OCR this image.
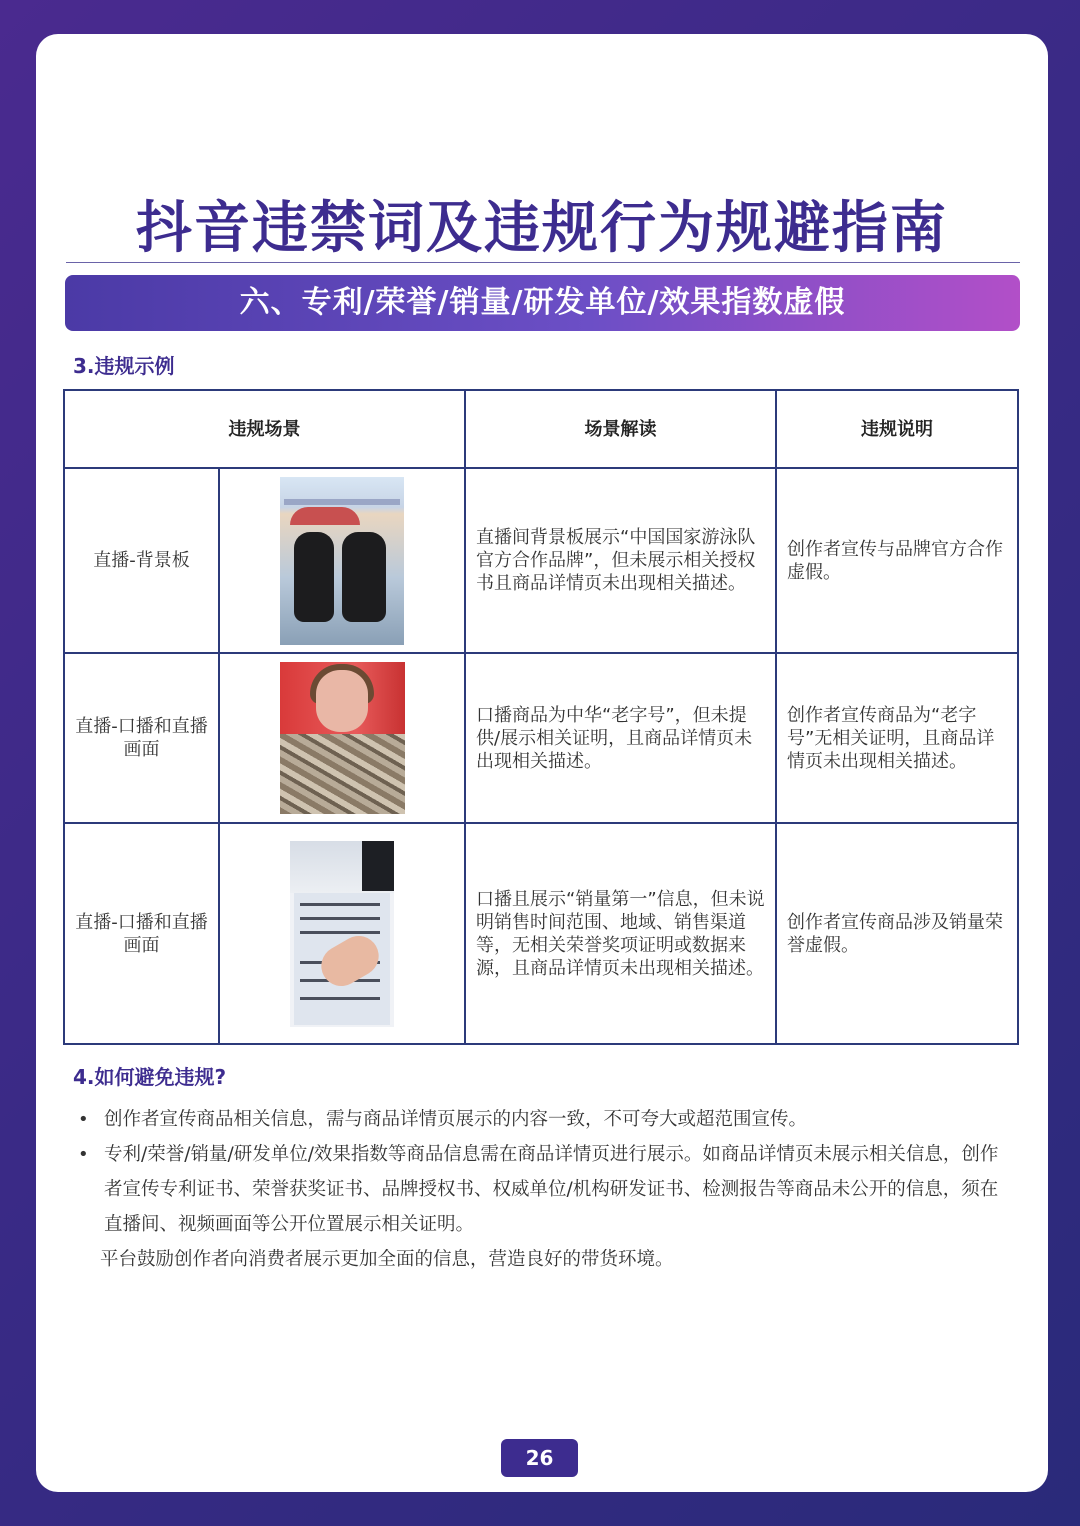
抖音违禁词及违规行为规避指南
六、专利/荣誉/销量/研发单位/效果指数虚假
3.违规示例
违规场景		场景解读	违规说明
直播-背景板		直播间背景板展示“中国国家游泳队官方合作品牌”，但未展示相关授权书且商品详情页未出现相关描述。	创作者宣传与品牌官方合作虚假。
直播-口播和直播画面		口播商品为中华“老字号”，但未提供/展示相关证明，且商品详情页未出现相关描述。	创作者宣传商品为“老字号”无相关证明，且商品详情页未出现相关描述。
直播-口播和直播画面		口播且展示“销量第一”信息，但未说明销售时间范围、地域、销售渠道等，无相关荣誉奖项证明或数据来源，且商品详情页未出现相关描述。	创作者宣传商品涉及销量荣誉虚假。
4.如何避免违规?
• 创作者宣传商品相关信息，需与商品详情页展示的内容一致，不可夸大或超范围宣传。
• 专利/荣誉/销量/研发单位/效果指数等商品信息需在商品详情页进行展示。如商品详情页未展示相关信息，创作者宣传专利证书、荣誉获奖证书、品牌授权书、权威单位/机构研发证书、检测报告等商品未公开的信息，须在直播间、视频画面等公开位置展示相关证明。
平台鼓励创作者向消费者展示更加全面的信息，营造良好的带货环境。
26
